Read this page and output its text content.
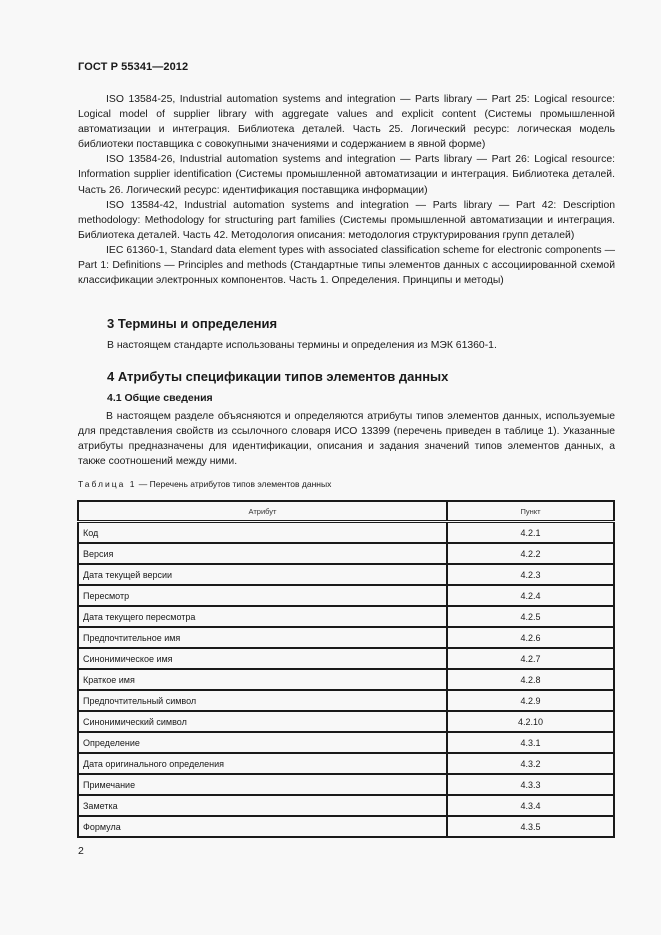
ГОСТ Р 55341—2012

ISO 13584-25, Industrial automation systems and integration — Parts library — Part 25: Logical resource: Logical model of supplier library with aggregate values and explicit content (Системы промышленной автоматизации и интеграция. Библиотека деталей. Часть 25. Логический ресурс: логическая модель библиотеки поставщика с совокупными значениями и содержанием в явной форме)

ISO 13584-26, Industrial automation systems and integration — Parts library — Part 26: Logical resource: Information supplier identification (Системы промышленной автоматизации и интеграция. Библиотека деталей. Часть 26. Логический ресурс: идентификация поставщика информации)

ISO 13584-42, Industrial automation systems and integration — Parts library — Part 42: Description methodology: Methodology for structuring part families (Системы промышленной автоматизации и интеграция. Библиотека деталей. Часть 42. Методология описания: методология структурирования групп деталей)

IEC 61360-1, Standard data element types with associated classification scheme for electronic components — Part 1: Definitions — Principles and methods (Стандартные типы элементов данных с ассоциированной схемой классификации электронных компонентов. Часть 1. Определения. Принципы и методы)

3 Термины и определения
В настоящем стандарте использованы термины и определения из МЭК 61360-1.
4 Атрибуты спецификации типов элементов данных
4.1 Общие сведения

В настоящем разделе объясняются и определяются атрибуты типов элементов данных, используемые для представления свойств из ссылочного словаря ИСО 13399 (перечень приведен в таблице 1). Указанные атрибуты предназначены для идентификации, описания и задания значений типов элементов данных, а также соотношений между ними.

Таблица 1 — Перечень атрибутов типов элементов данных
Атрибут	Пункт
Код	4.2.1
Версия	4.2.2
Дата текущей версии	4.2.3
Пересмотр	4.2.4
Дата текущего пересмотра	4.2.5
Предпочтительное имя	4.2.6
Синонимическое имя	4.2.7
Краткое имя	4.2.8
Предпочтительный символ	4.2.9
Синонимический символ	4.2.10
Определение	4.3.1
Дата оригинального определения	4.3.2
Примечание	4.3.3
Заметка	4.3.4
Формула	4.3.5
2
